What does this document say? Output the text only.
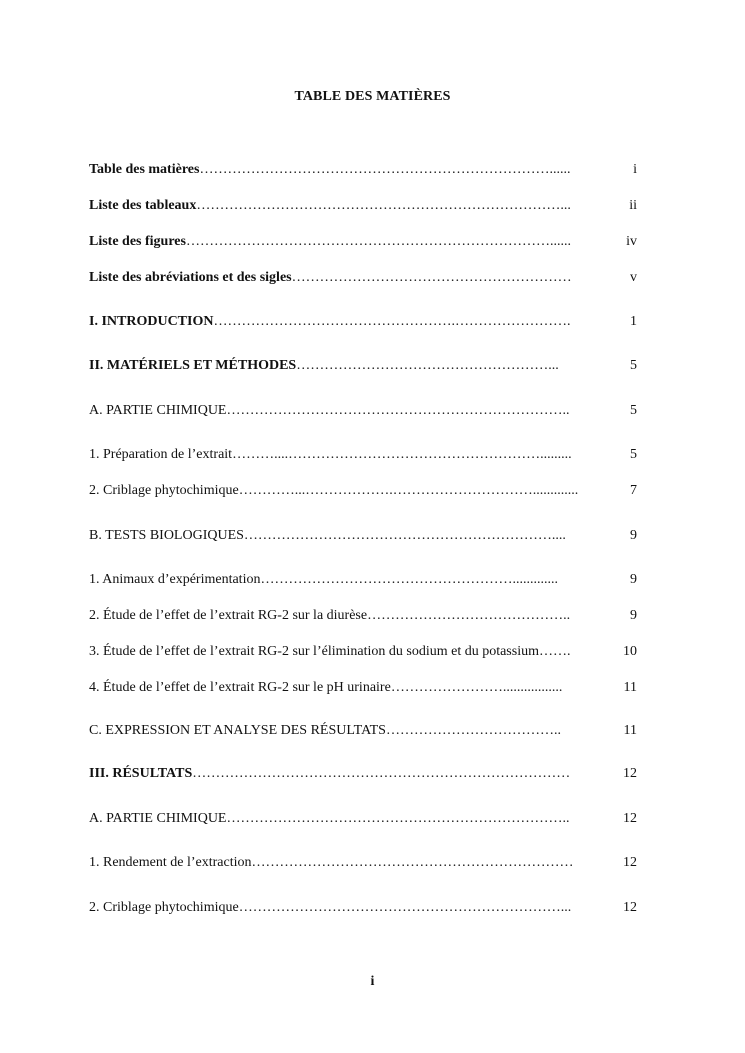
TABLE DES MATIÈRES
Table des matières…………………………………………………………………......	i
Liste des tableaux……………………………………………………………………...	ii
Liste des figures……………………………………………………………………......	iv
Liste des abréviations et des sigles……………………………………………………	v
I. INTRODUCTION…………………………………………….…………………….	1
II. MATÉRIELS ET MÉTHODES………………………………………………...	5
A. PARTIE CHIMIQUE………………………………………………………………..	5
1. Préparation de l’extrait………....……………………………………………….........	5
2. Criblage phytochimique…………...……………….………………………….............	7
B. TESTS BIOLOGIQUES…………………………………………………………....	9
1. Animaux d’expérimentation……………………………………………….............	9
2. Étude de l’effet de l’extrait RG-2 sur la diurèse……………………………………..	9
3. Étude de l’effet de l’extrait RG-2 sur l’élimination du sodium et du potassium…….	10
4. Étude de l’effet de l’extrait RG-2 sur le pH urinaire…………………….................	11
C. EXPRESSION ET ANALYSE DES RÉSULTATS………………………………..	11
III. RÉSULTATS………………………………………………………………………	12
A. PARTIE CHIMIQUE………………………………………………………………..	12
1. Rendement de l’extraction……………………………………………………………	12
2. Criblage phytochimique……………………………………………………………...	12
i
